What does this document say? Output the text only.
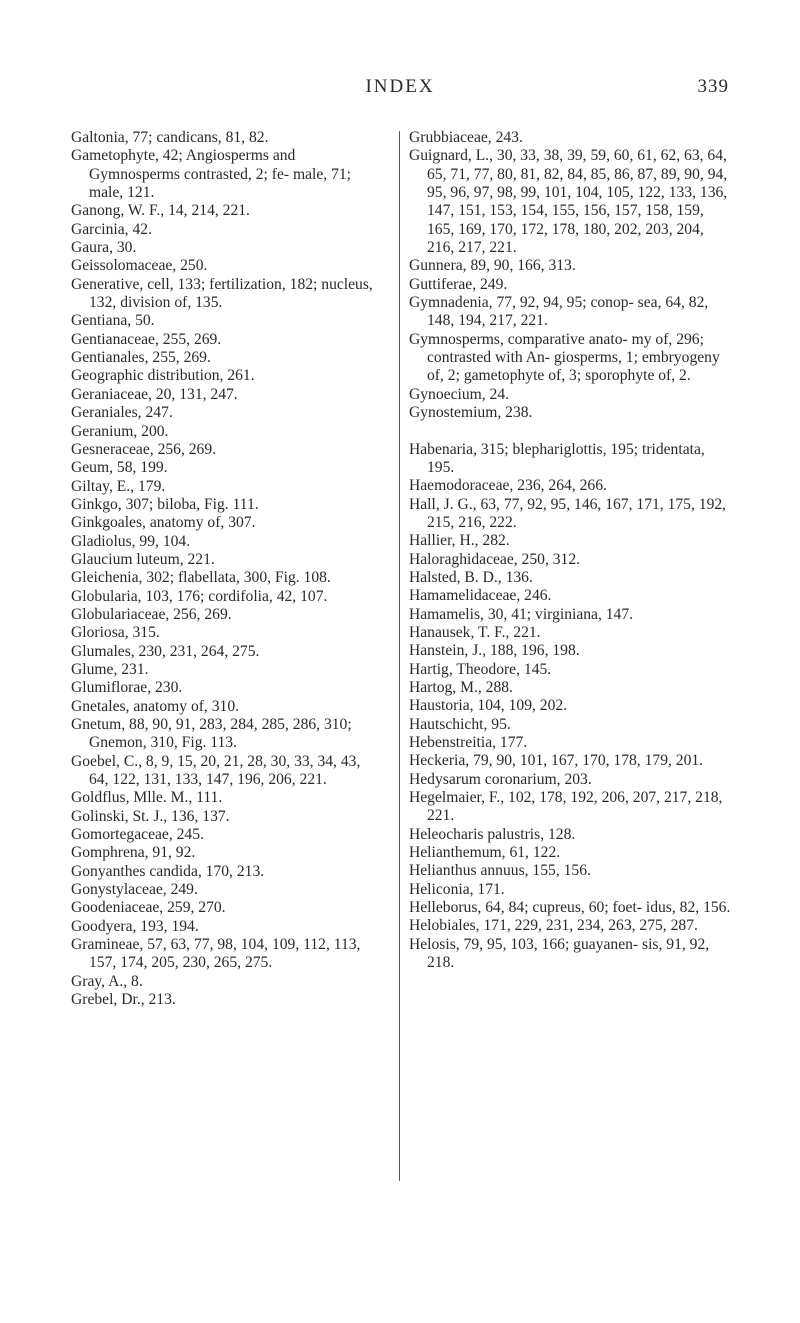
INDEX	339
Galtonia, 77; candicans, 81, 82.
Gametophyte, 42; Angiosperms and Gymnosperms contrasted, 2; fe- male, 71; male, 121.
Ganong, W. F., 14, 214, 221.
Garcinia, 42.
Gaura, 30.
Geissolomaceae, 250.
Generative, cell, 133; fertilization, 182; nucleus, 132, division of, 135.
Gentiana, 50.
Gentianaceae, 255, 269.
Gentianales, 255, 269.
Geographic distribution, 261.
Geraniaceae, 20, 131, 247.
Geraniales, 247.
Geranium, 200.
Gesneraceae, 256, 269.
Geum, 58, 199.
Giltay, E., 179.
Ginkgo, 307; biloba, Fig. 111.
Ginkgoales, anatomy of, 307.
Gladiolus, 99, 104.
Glaucium luteum, 221.
Gleichenia, 302; flabellata, 300, Fig. 108.
Globularia, 103, 176; cordifolia, 42, 107.
Globulariaceae, 256, 269.
Gloriosa, 315.
Glumales, 230, 231, 264, 275.
Glume, 231.
Glumiflorae, 230.
Gnetales, anatomy of, 310.
Gnetum, 88, 90, 91, 283, 284, 285, 286, 310; Gnemon, 310, Fig. 113.
Goebel, C., 8, 9, 15, 20, 21, 28, 30, 33, 34, 43, 64, 122, 131, 133, 147, 196, 206, 221.
Goldflus, Mlle. M., 111.
Golinski, St. J., 136, 137.
Gomortegaceae, 245.
Gomphrena, 91, 92.
Gonyanthes candida, 170, 213.
Gonystylaceae, 249.
Goodeniaceae, 259, 270.
Goodyera, 193, 194.
Gramineae, 57, 63, 77, 98, 104, 109, 112, 113, 157, 174, 205, 230, 265, 275.
Gray, A., 8.
Grebel, Dr., 213.
Grubbiaceae, 243.
Guignard, L., 30, 33, 38, 39, 59, 60, 61, 62, 63, 64, 65, 71, 77, 80, 81, 82, 84, 85, 86, 87, 89, 90, 94, 95, 96, 97, 98, 99, 101, 104, 105, 122, 133, 136, 147, 151, 153, 154, 155, 156, 157, 158, 159, 165, 169, 170, 172, 178, 180, 202, 203, 204, 216, 217, 221.
Gunnera, 89, 90, 166, 313.
Guttiferae, 249.
Gymnadenia, 77, 92, 94, 95; conop- sea, 64, 82, 148, 194, 217, 221.
Gymnosperms, comparative anato- my of, 296; contrasted with An- giosperms, 1; embryogeny of, 2; gametophyte of, 3; sporophyte of, 2.
Gynoecium, 24.
Gynostemium, 238.
Habenaria, 315; blephariglottis, 195; tridentata, 195.
Haemodoraceae, 236, 264, 266.
Hall, J. G., 63, 77, 92, 95, 146, 167, 171, 175, 192, 215, 216, 222.
Hallier, H., 282.
Haloraghidaceae, 250, 312.
Halsted, B. D., 136.
Hamamelidaceae, 246.
Hamamelis, 30, 41; virginiana, 147.
Hanausek, T. F., 221.
Hanstein, J., 188, 196, 198.
Hartig, Theodore, 145.
Hartog, M., 288.
Haustoria, 104, 109, 202.
Hautschicht, 95.
Hebenstreitia, 177.
Heckeria, 79, 90, 101, 167, 170, 178, 179, 201.
Hedysarum coronarium, 203.
Hegelmaier, F., 102, 178, 192, 206, 207, 217, 218, 221.
Heleocharis palustris, 128.
Helianthemum, 61, 122.
Helianthus annuus, 155, 156.
Heliconia, 171.
Helleborus, 64, 84; cupreus, 60; foet- idus, 82, 156.
Helobiales, 171, 229, 231, 234, 263, 275, 287.
Helosis, 79, 95, 103, 166; guayanen- sis, 91, 92, 218.
